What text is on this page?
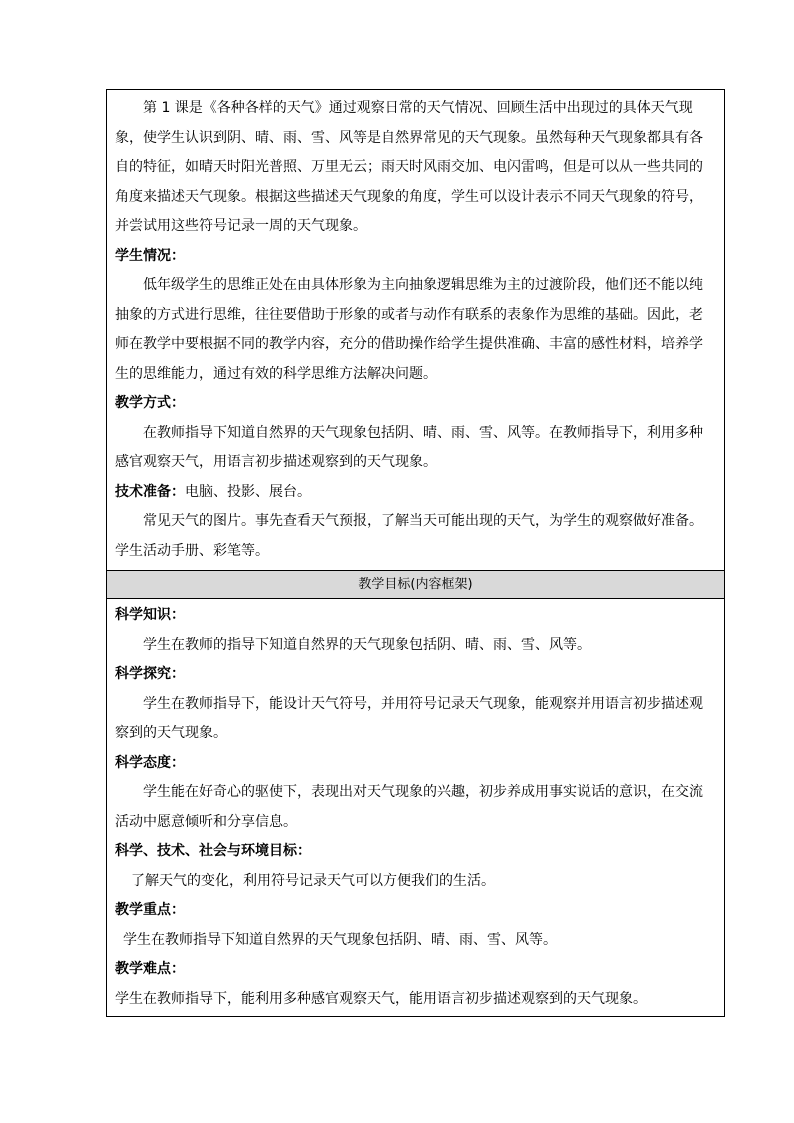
第 1 课是《各种各样的天气》通过观察日常的天气情况、回顾生活中出现过的具体天气现象，使学生认识到阴、晴、雨、雪、风等是自然界常见的天气现象。虽然每种天气现象都具有各自的特征，如晴天时阳光普照、万里无云；雨天时风雨交加、电闪雷鸣，但是可以从一些共同的角度来描述天气现象。根据这些描述天气现象的角度，学生可以设计表示不同天气现象的符号，并尝试用这些符号记录一周的天气现象。

学生情况：

低年级学生的思维正处在由具体形象为主向抽象逻辑思维为主的过渡阶段，他们还不能以纯抽象的方式进行思维，往往要借助于形象的或者与动作有联系的表象作为思维的基础。因此，老师在教学中要根据不同的教学内容，充分的借助操作给学生提供准确、丰富的感性材料，培养学生的思维能力，通过有效的科学思维方法解决问题。

教学方式：

在教师指导下知道自然界的天气现象包括阴、晴、雨、雪、风等。在教师指导下，利用多种感官观察天气，用语言初步描述观察到的天气现象。

技术准备：电脑、投影、展台。

常见天气的图片。事先查看天气预报，了解当天可能出现的天气，为学生的观察做好准备。学生活动手册、彩笔等。

教学目标(内容框架)

科学知识：

学生在教师的指导下知道自然界的天气现象包括阴、晴、雨、雪、风等。

科学探究：

学生在教师指导下，能设计天气符号，并用符号记录天气现象，能观察并用语言初步描述观察到的天气现象。

科学态度：

学生能在好奇心的驱使下，表现出对天气现象的兴趣，初步养成用事实说话的意识，在交流活动中愿意倾听和分享信息。

科学、技术、社会与环境目标：

了解天气的变化，利用符号记录天气可以方便我们的生活。

教学重点：

学生在教师指导下知道自然界的天气现象包括阴、晴、雨、雪、风等。

教学难点：

学生在教师指导下，能利用多种感官观察天气，能用语言初步描述观察到的天气现象。
